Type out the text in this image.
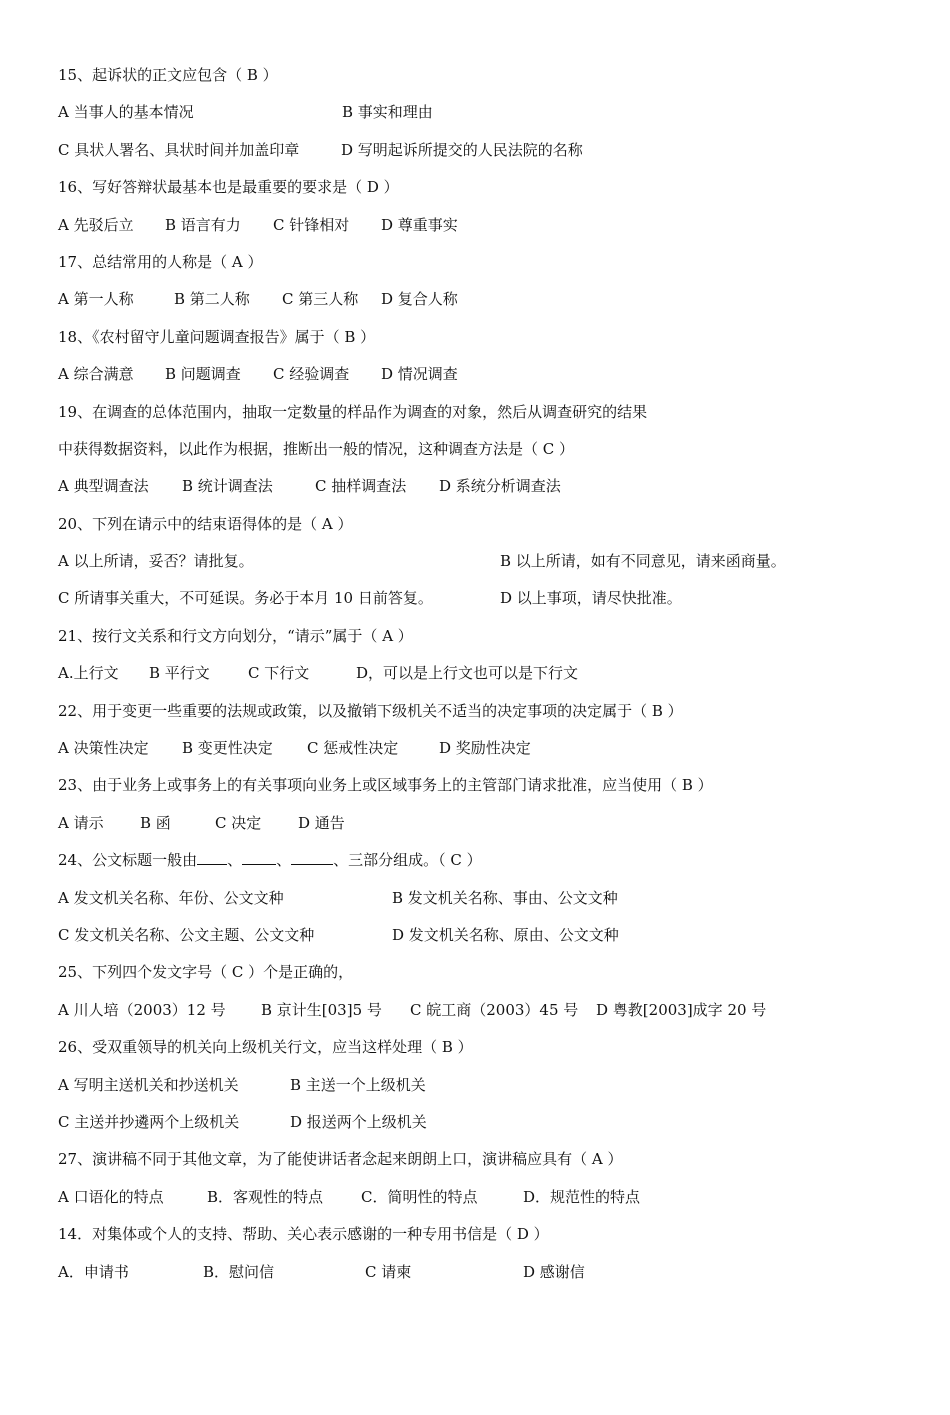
15、起诉状的正文应包含（ B ）

A 当事人的基本情况

	B 事实和理由

C 具状人署名、具状时间并加盖印章

	D 写明起诉所提交的人民法院的名称

16、写好答辩状最基本也是最重要的要求是（ D ）

A 先驳后立

B 语言有力

C 针锋相对

D 尊重事实

17、总结常用的人称是（ A ）

A 第一人称

	B 第二人称

C 第三人称

D 复合人称

18、《农村留守儿童问题调查报告》属于（ B ）

A 综合满意

B 问题调查

C 经验调查

D 情况调查

19、在调查的总体范围内，抽取一定数量的样品作为调查的对象，然后从调查研究的结果
中获得数据资料，以此作为根据，推断出一般的情况，这种调查方法是（ C ）

A 典型调查法

B 统计调查法

	C 抽样调查法

D 系统分析调查法

20、下列在请示中的结束语得体的是（ A ）

A 以上所请，妥否？请批复。

	B 以上所请，如有不同意见，请来函商量。

C 所请事关重大，不可延误。务必于本月 10 日前答复。

	D 以上事项，请尽快批准。

21、按行文关系和行文方向划分，“请示”属于（ A ）

A.上行文

B 平行文

	C 下行文

	D，可以是上行文也可以是下行文

22、用于变更一些重要的法规或政策，以及撤销下级机关不适当的决定事项的决定属于（ B ）

A 决策性决定

B 变更性决定

C 惩戒性决定

	D 奖励性决定

23、由于业务上或事务上的有关事项向业务上或区域事务上的主管部门请求批准，应当使用（ B ）

A 请示

B 函

	C 决定

D 通告

24、公文标题一般由 、 、	、三部分组成。（ C ）

A 发文机关名称、年份、公文文种

	B 发文机关名称、事由、公文文种

C 发文机关名称、公文主题、公文文种

	D 发文机关名称、原由、公文文种

25、下列四个发文字号（ C ）个是正确的，

A 川人培（2003）12 号

B 京计生[03]5 号

C 皖工商（2003）45 号

D 粤教[2003]成字 20 号

26、受双重领导的机关向上级机关行文，应当这样处理（ B ）

A 写明主送机关和抄送机关

	B 主送一个上级机关

C 主送并抄遴两个上级机关

	D 报送两个上级机关

27、演讲稿不同于其他文章，为了能使讲话者念起来朗朗上口，演讲稿应具有（ A ）

A 口语化的特点

	B．客观性的特点

	C．简明性的特点

	D．规范性的特点

14．对集体或个人的支持、帮助、关心表示感谢的一种专用书信是（ D ）

A．申请书

	B．慰问信

	C 请柬

	D 感谢信
